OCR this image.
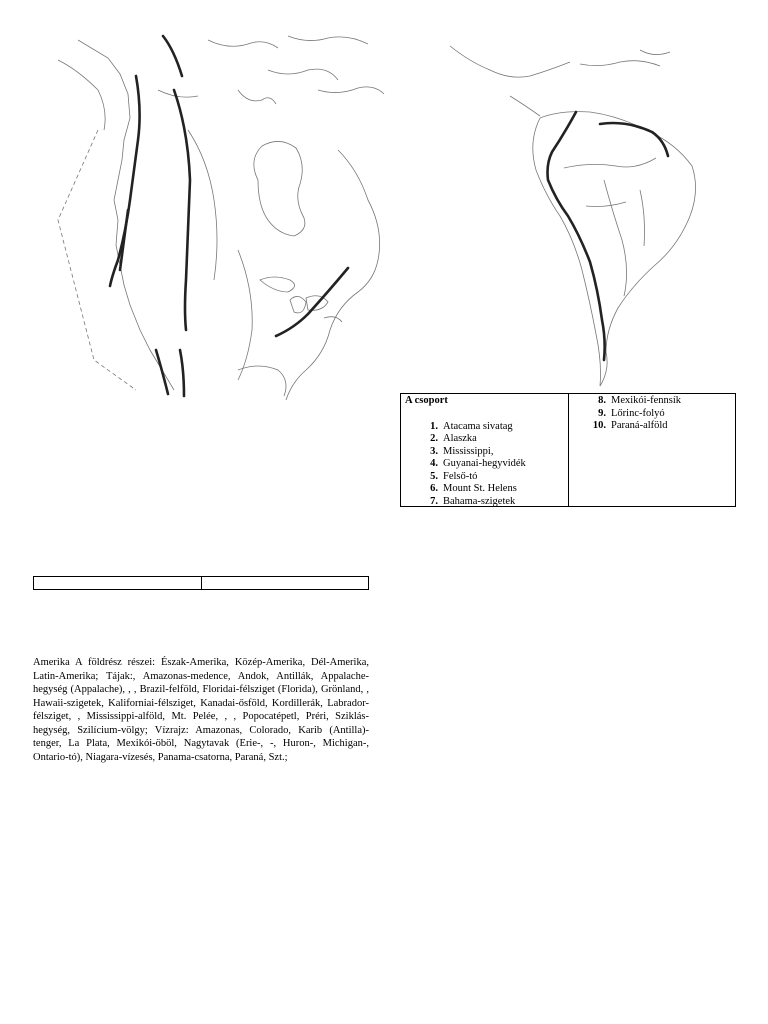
A csoport
1. Atacama sivatag
2. Alaszka
3. Mississippi,
4. Guyanai-hegyvidék
5. Felső-tó
6. Mount St. Helens
7. Bahama-szigetek
8. Mexikói-fennsík
9. Lőrinc-folyó
10. Paraná-alföld
Amerika A földrész részei: Észak-Amerika, Közép-Amerika, Dél-Amerika, Latin-Amerika; Tájak:, Amazonas-medence, Andok, Antillák, Appalache-hegység (Appalache), , , Brazil-felföld, Floridai-félsziget (Florida), Grönland, , Hawaii-szigetek, Kaliforniai-félsziget, Kanadai-ősföld, Kordillerák, Labrador-félsziget, , Mississippi-alföld, Mt. Pelée, , , Popocatépetl, Préri, Sziklás-hegység, Szilícium-völgy; Vízrajz: Amazonas, Colorado, Karib (Antilla)-tenger, La Plata, Mexikói-öböl, Nagytavak (Erie-, -, Huron-, Michigan-, Ontario-tó), Niagara-vízesés, Panama-csatorna, Paraná, Szt.;
